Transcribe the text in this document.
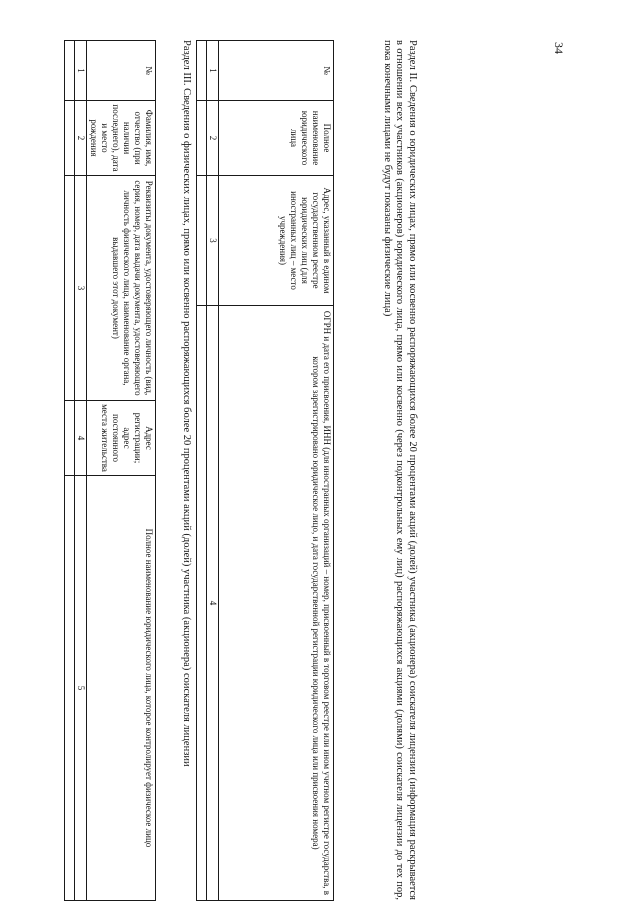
34

Раздел II. Сведения о юридических лицах, прямо или косвенно распоряжающихся более 20 процентами акций (долей) участника (акционера) соискателя лицензии (информация раскрывается в отношении всех участников (акционеров) юридического лица, прямо или косвенно (через подконтрольных ему лиц) распоряжающихся акциями (долями) соискателя лицензии до тех пор, пока конечными лицами не будут показаны физические лица)

№	Полное наименование юридического лица	Адрес, указанный в едином государственном реестре юридических лиц (для иностранных лиц – место учреждения)	ОГРН и дата его присвоения, ИНН (для иностранных организаций – номер, присвоенный в торговом реестре или ином учетном регистре государства, в котором зарегистрировано юридическое лицо, и дата государственной регистрации юридического лица или присвоения номера)
1	2	3	4

Раздел III. Сведения о физических лицах, прямо или косвенно распоряжающихся более 20 процентами акций (долей) участника (акционера) соискателя лицензии

№	Фамилия, имя, отчество (при наличии последнего), дата и место рождения	Реквизиты документа, удостоверяющего личность (вид, серия, номер, дата выдачи документа, удостоверяющего личность физического лица, наименование органа, выдавшего этот документ)	Адрес регистрации; адрес постоянного места жительства	Полное наименование юридического лица, которое контролирует физическое лицо
1	2	3	4	5
